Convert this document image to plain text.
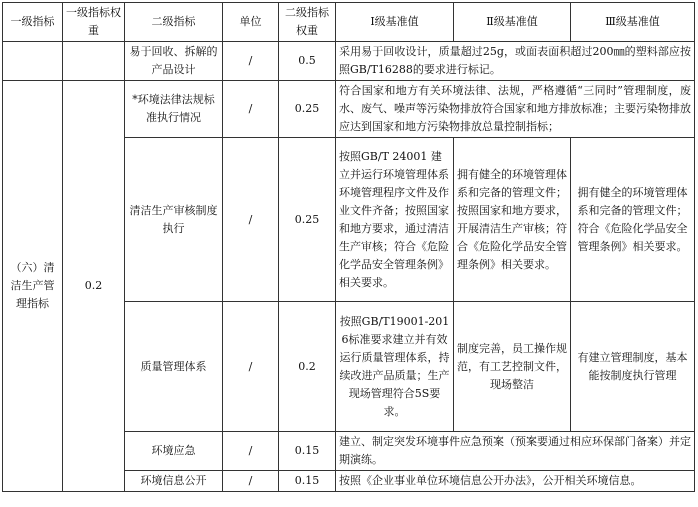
一级指标	一级指标权重	二级指标	单位	二级指标权重	Ⅰ级基准值	Ⅱ级基准值	Ⅲ级基准值
		易于回收、拆解的产品设计	/	0.5	采用易于回收设计，质量超过25g，或面表面积超过200㎜的塑料部应按照GB/T16288的要求进行标记。		
（六）清洁生产管理指标	0.2	*环境法律法规标准执行情况	/	0.25	符合国家和地方有关环境法律、法规，严格遵循“三同时”管理制度，废水、废气、噪声等污染物排放符合国家和地方排放标准；主要污染物排放应达到国家和地方污染物排放总量控制指标；		
		清洁生产审核制度执行	/	0.25	按照GB/T 24001 建立并运行环境管理体系环境管理程序文件及作业文件齐备；按照国家和地方要求，通过清洁生产审核；符合《危险化学品安全管理条例》相关要求。	拥有健全的环境管理体系和完备的管理文件；按照国家和地方要求，开展清洁生产审核；符合《危险化学品安全管理条例》相关要求。	拥有健全的环境管理体系和完备的管理文件；符合《危险化学品安全管理条例》相关要求。
		质量管理体系	/	0.2	按照GB/T19001-2016标准要求建立并有效运行质量管理体系，持续改进产品质量；生产现场管理符合5S要求。	制度完善，员工操作规范，有工艺控制文件，现场整洁	有建立管理制度，基本能按制度执行管理
		环境应急	/	0.15	建立、制定突发环境事件应急预案（预案要通过相应环保部门备案）并定期演练。		
		环境信息公开	/	0.15	按照《企业事业单位环境信息公开办法》，公开相关环境信息。		
